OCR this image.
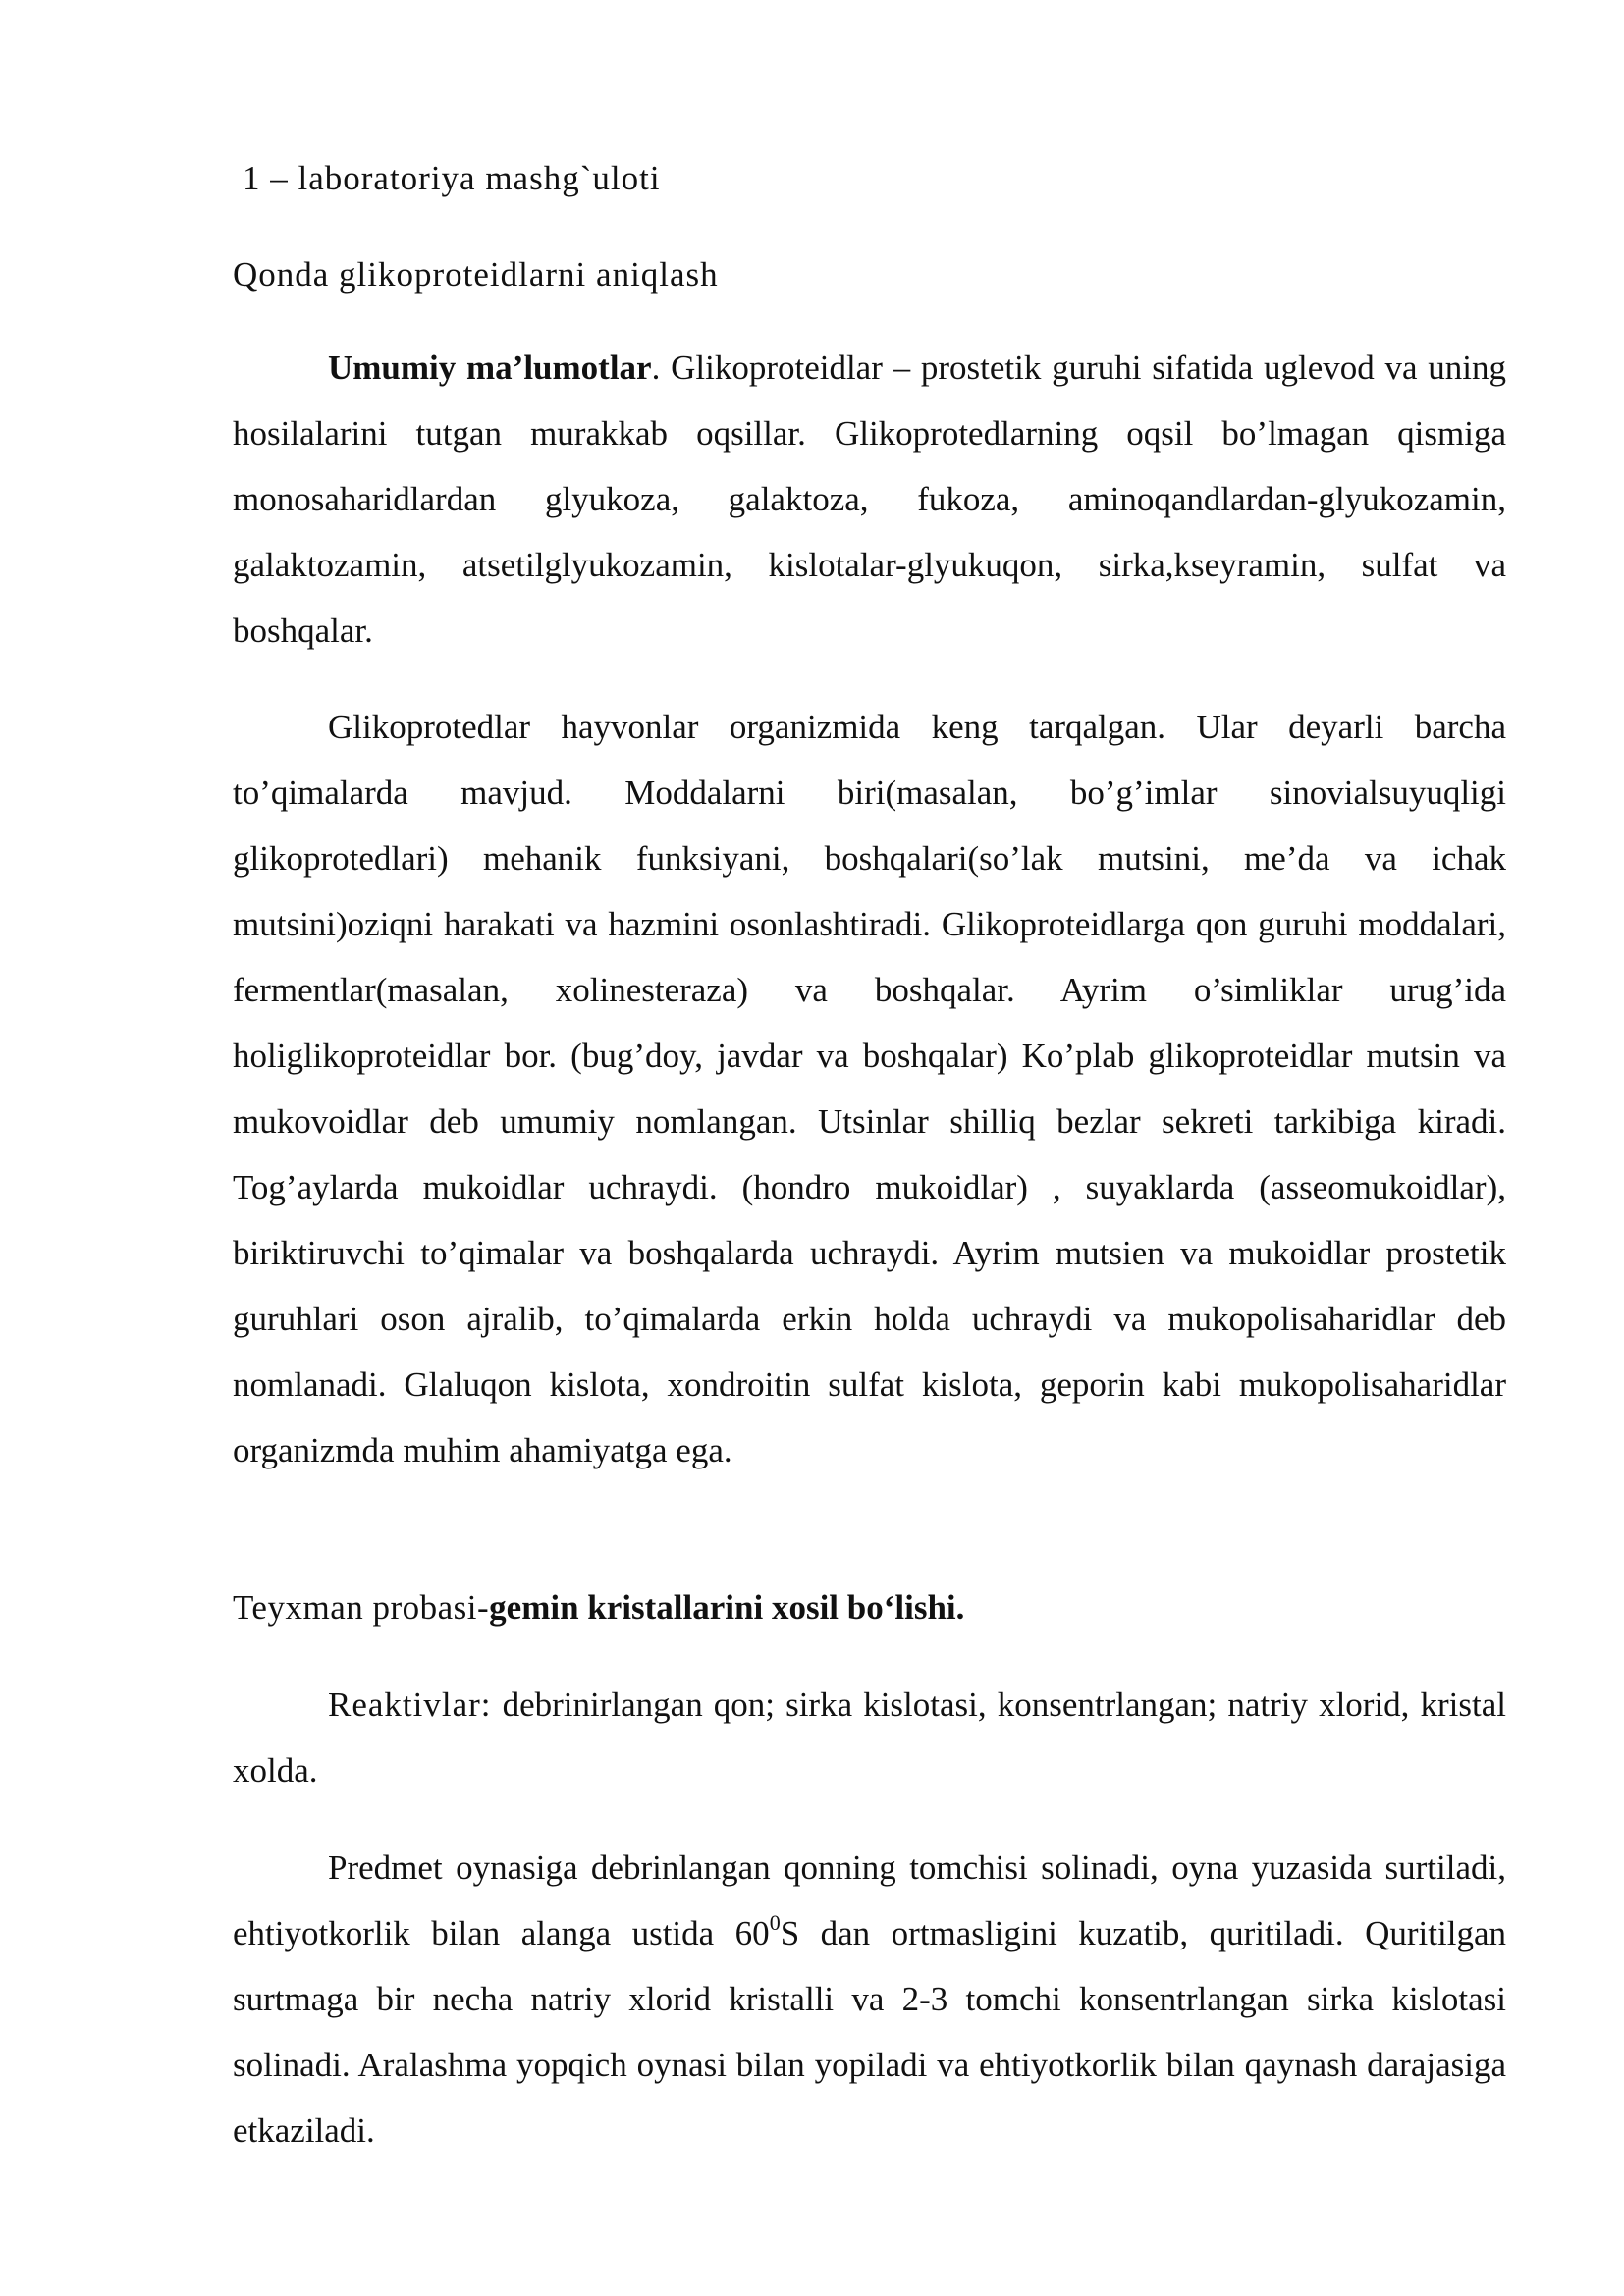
1 – laboratoriya mashg`uloti

Qonda glikoproteidlarni aniqlash

Umumiy ma’lumotlar. Glikoproteidlar – prostetik guruhi sifatida uglevod va uning hosilalarini tutgan murakkab oqsillar. Glikoprotedlarning oqsil bo’lmagan qismiga monosaharidlardan glyukoza, galaktoza, fukoza, aminoqandlardan-glyukozamin, galaktozamin, atsetilglyukozamin, kislotalar-glyukuqon, sirka,kseyramin, sulfat va boshqalar.

Glikoprotedlar hayvonlar organizmida keng tarqalgan. Ular deyarli barcha to’qimalarda mavjud. Moddalarni biri(masalan, bo’g’imlar sinovialsuyuqligi glikoprotedlari) mehanik funksiyani, boshqalari(so’lak mutsini, me’da va ichak mutsini)oziqni harakati va hazmini osonlashtiradi. Glikoproteidlarga qon guruhi moddalari, fermentlar(masalan, xolinesteraza) va boshqalar. Ayrim o’simliklar urug’ida holiglikoproteidlar bor. (bug’doy, javdar va boshqalar) Ko’plab glikoproteidlar mutsin va mukovoidlar deb umumiy nomlangan. Utsinlar shilliq bezlar sekreti tarkibiga kiradi. Tog’aylarda mukoidlar uchraydi. (hondro mukoidlar) , suyaklarda (asseomukoidlar), biriktiruvchi to’qimalar va boshqalarda uchraydi. Ayrim mutsien va mukoidlar prostetik guruhlari oson ajralib, to’qimalarda erkin holda uchraydi va mukopolisaharidlar deb nomlanadi. Glaluqon kislota, xondroitin sulfat kislota, geporin kabi mukopolisaharidlar organizmda muhim ahamiyatga ega.

Teyxman probasi-gemin kristallarini xosil bo‘lishi.

Reaktivlar: debrinirlangan qon; sirka kislotasi, konsentrlangan; natriy xlorid, kristal xolda.

Predmet oynasiga debrinlangan qonning tomchisi solinadi, oyna yuzasida surtiladi, ehtiyotkorlik bilan alanga ustida $60^0S$ dan ortmasligini kuzatib, quritiladi. Quritilgan surtmaga bir necha natriy xlorid kristalli va 2-3 tomchi konsentrlangan sirka kislotasi solinadi. Aralashma yopqich oynasi bilan yopiladi va ehtiyotkorlik bilan qaynash darajasiga etkaziladi.
